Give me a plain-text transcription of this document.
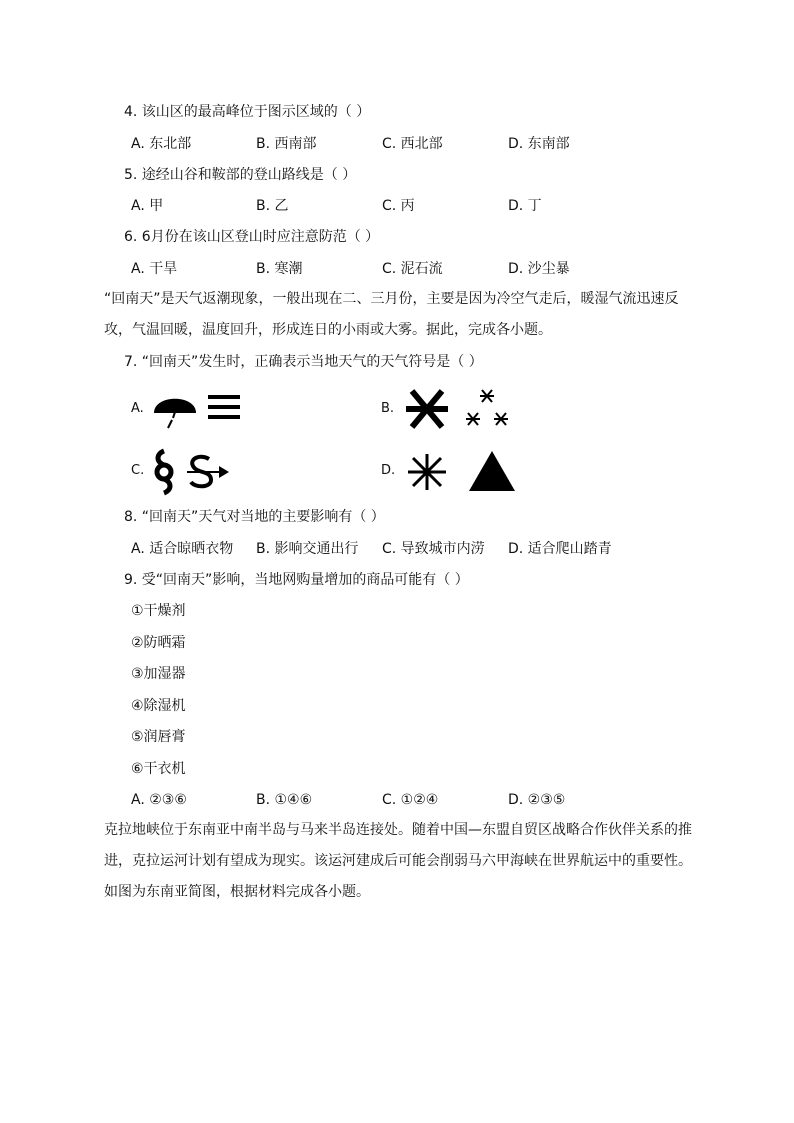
4. 该山区的最高峰位于图示区域的（ ）
A. 东北部	B. 西南部	C. 西北部	D. 东南部
5. 途经山谷和鞍部的登山路线是（ ）
A. 甲	B. 乙	C. 丙	D. 丁
6. 6月份在该山区登山时应注意防范（ ）
A. 干旱	B. 寒潮	C. 泥石流	D. 沙尘暴
“回南天”是天气返潮现象，一般出现在二、三月份，主要是因为冷空气走后，暖湿气流迅速反攻，气温回暖，温度回升，形成连日的小雨或大雾。据此，完成各小题。
7. “回南天”发生时，正确表示当地天气的天气符号是（ ）
A.	B.
C.	D.
8. “回南天”天气对当地的主要影响有（ ）
A. 适合晾晒衣物 B. 影响交通出行 C. 导致城市内涝 D. 适合爬山踏青
9. 受“回南天”影响，当地网购量增加的商品可能有（ ）
①干燥剂
②防晒霜
③加湿器
④除湿机
⑤润唇膏
⑥干衣机
A. ②③⑥	B. ①④⑥	C. ①②④	D. ②③⑤
克拉地峡位于东南亚中南半岛与马来半岛连接处。随着中国—东盟自贸区战略合作伙伴关系的推进，克拉运河计划有望成为现实。该运河建成后可能会削弱马六甲海峡在世界航运中的重要性。如图为东南亚简图，根据材料完成各小题。
